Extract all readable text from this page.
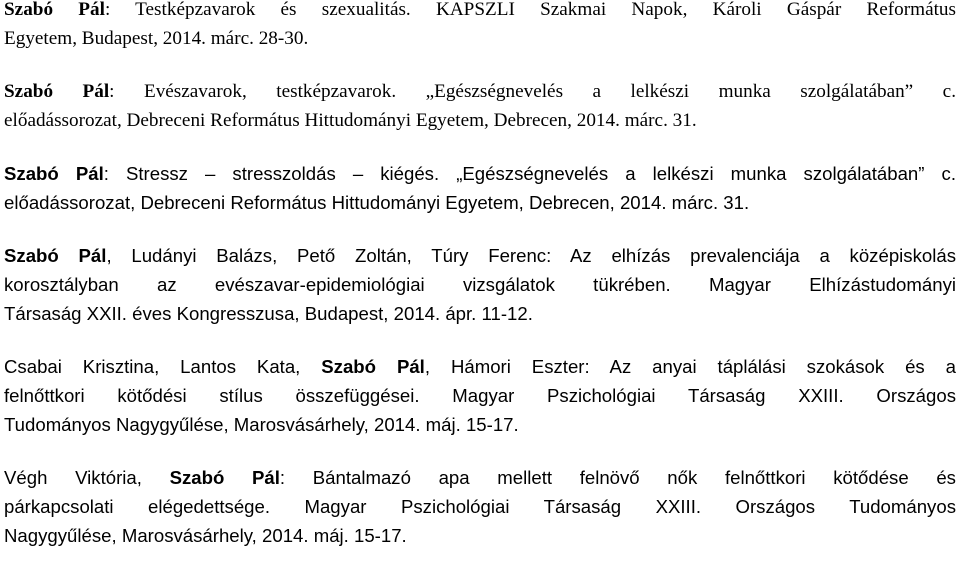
Szabó Pál: Testképzavarok és szexualitás. KAPSZLI Szakmai Napok, Károli Gáspár Református
Egyetem, Budapest, 2014. márc. 28-30.

Szabó Pál: Evészavarok, testképzavarok. „Egészségnevelés a lelkészi munka szolgálatában” c.
előadássorozat, Debreceni Református Hittudományi Egyetem, Debrecen, 2014. márc. 31.

Szabó Pál: Stressz – stresszoldás – kiégés. „Egészségnevelés a lelkészi munka szolgálatában” c.
előadássorozat, Debreceni Református Hittudományi Egyetem, Debrecen, 2014. márc. 31.

Szabó Pál, Ludányi Balázs, Pető Zoltán, Túry Ferenc: Az elhízás prevalenciája a középiskolás
korosztályban az evészavar-epidemiológiai vizsgálatok tükrében. Magyar Elhízástudományi
Társaság XXII. éves Kongresszusa, Budapest, 2014. ápr. 11-12.

Csabai Krisztina, Lantos Kata, Szabó Pál, Hámori Eszter: Az anyai táplálási szokások és a
felnőttkori kötődési stílus összefüggései. Magyar Pszichológiai Társaság XXIII. Országos
Tudományos Nagygyűlése, Marosvásárhely, 2014. máj. 15-17.

Végh Viktória, Szabó Pál: Bántalmazó apa mellett felnövő nők felnőttkori kötődése és
párkapcsolati elégedettsége. Magyar Pszichológiai Társaság XXIII. Országos Tudományos
Nagygyűlése, Marosvásárhely, 2014. máj. 15-17.
